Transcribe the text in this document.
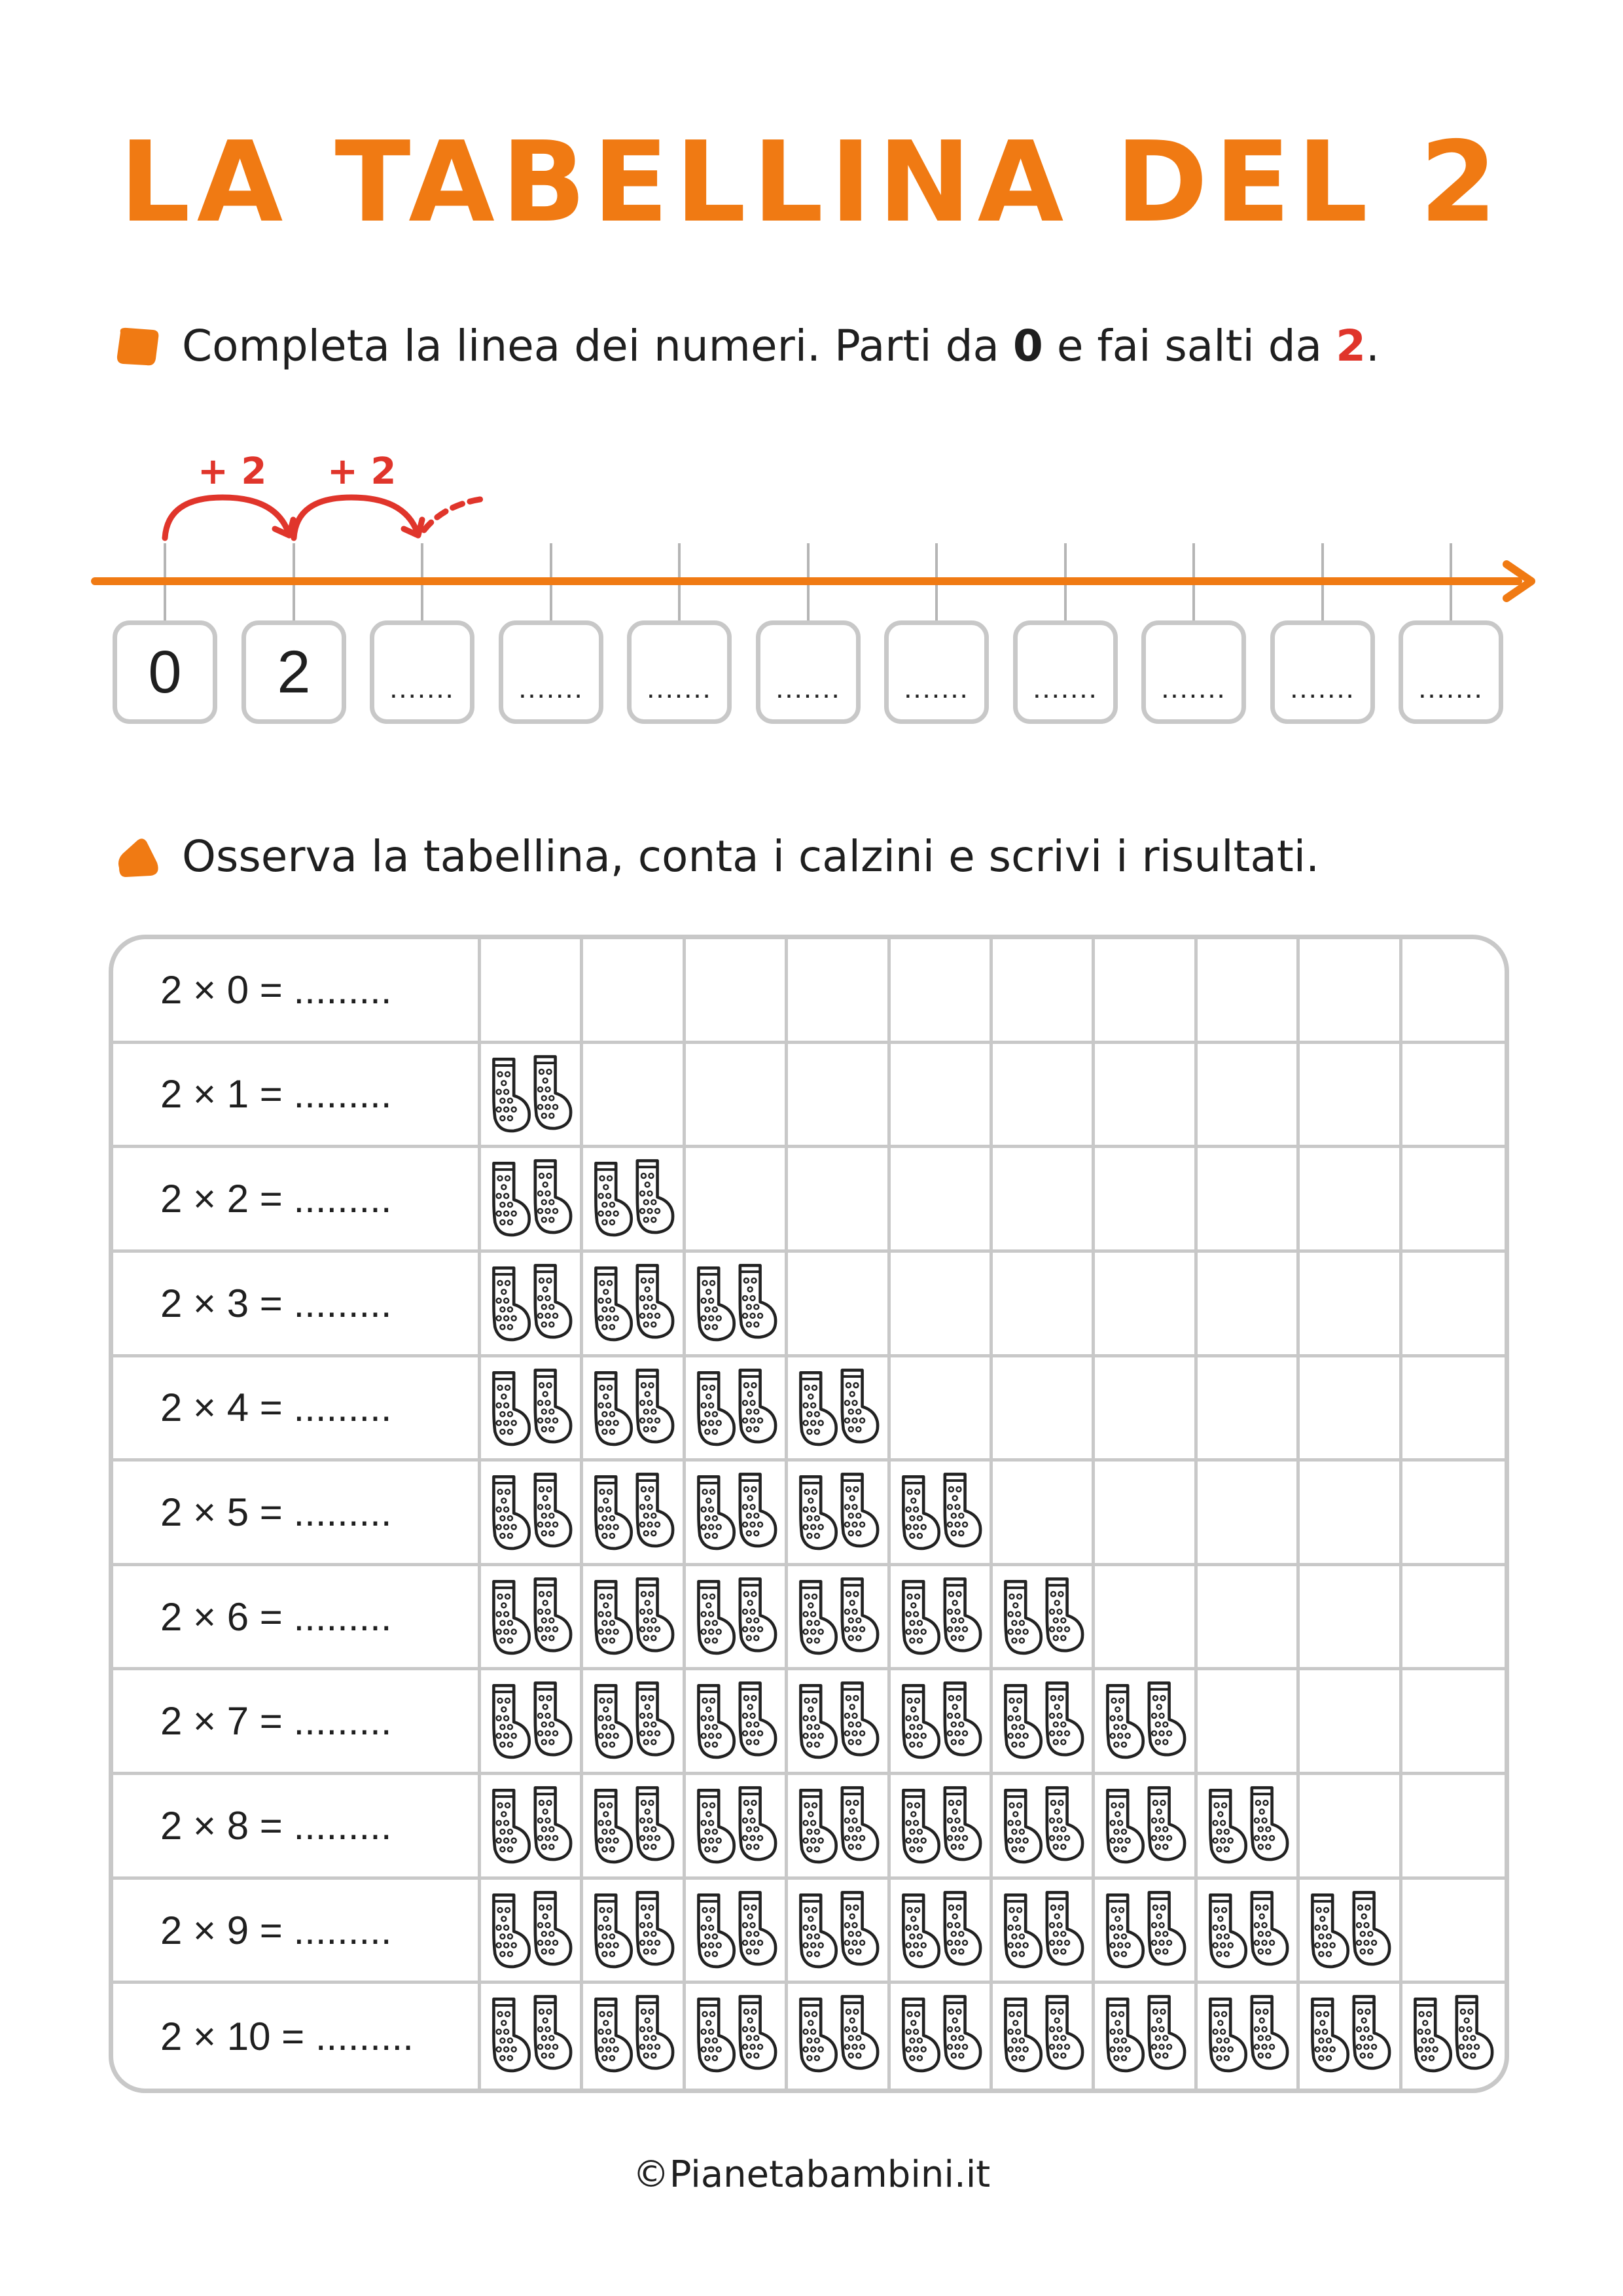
LA TABELLINA DEL 2
Completa la linea dei numeri. Parti da 0 e fai salti da 2.
+ 2 + 2
0	2	.......	.......	.......	.......	.......	.......	.......	.......	.......
Osserva la tabellina, conta i calzini e scrivi i risultati.
2 × 0 = .........
2 × 1 = .........
2 × 2 = .........
2 × 3 = .........
2 × 4 = .........
2 × 5 = .........
2 × 6 = .........
2 × 7 = .........
2 × 8 = .........
2 × 9 = .........
2 × 10 = .........
©Pianetabambini.it
